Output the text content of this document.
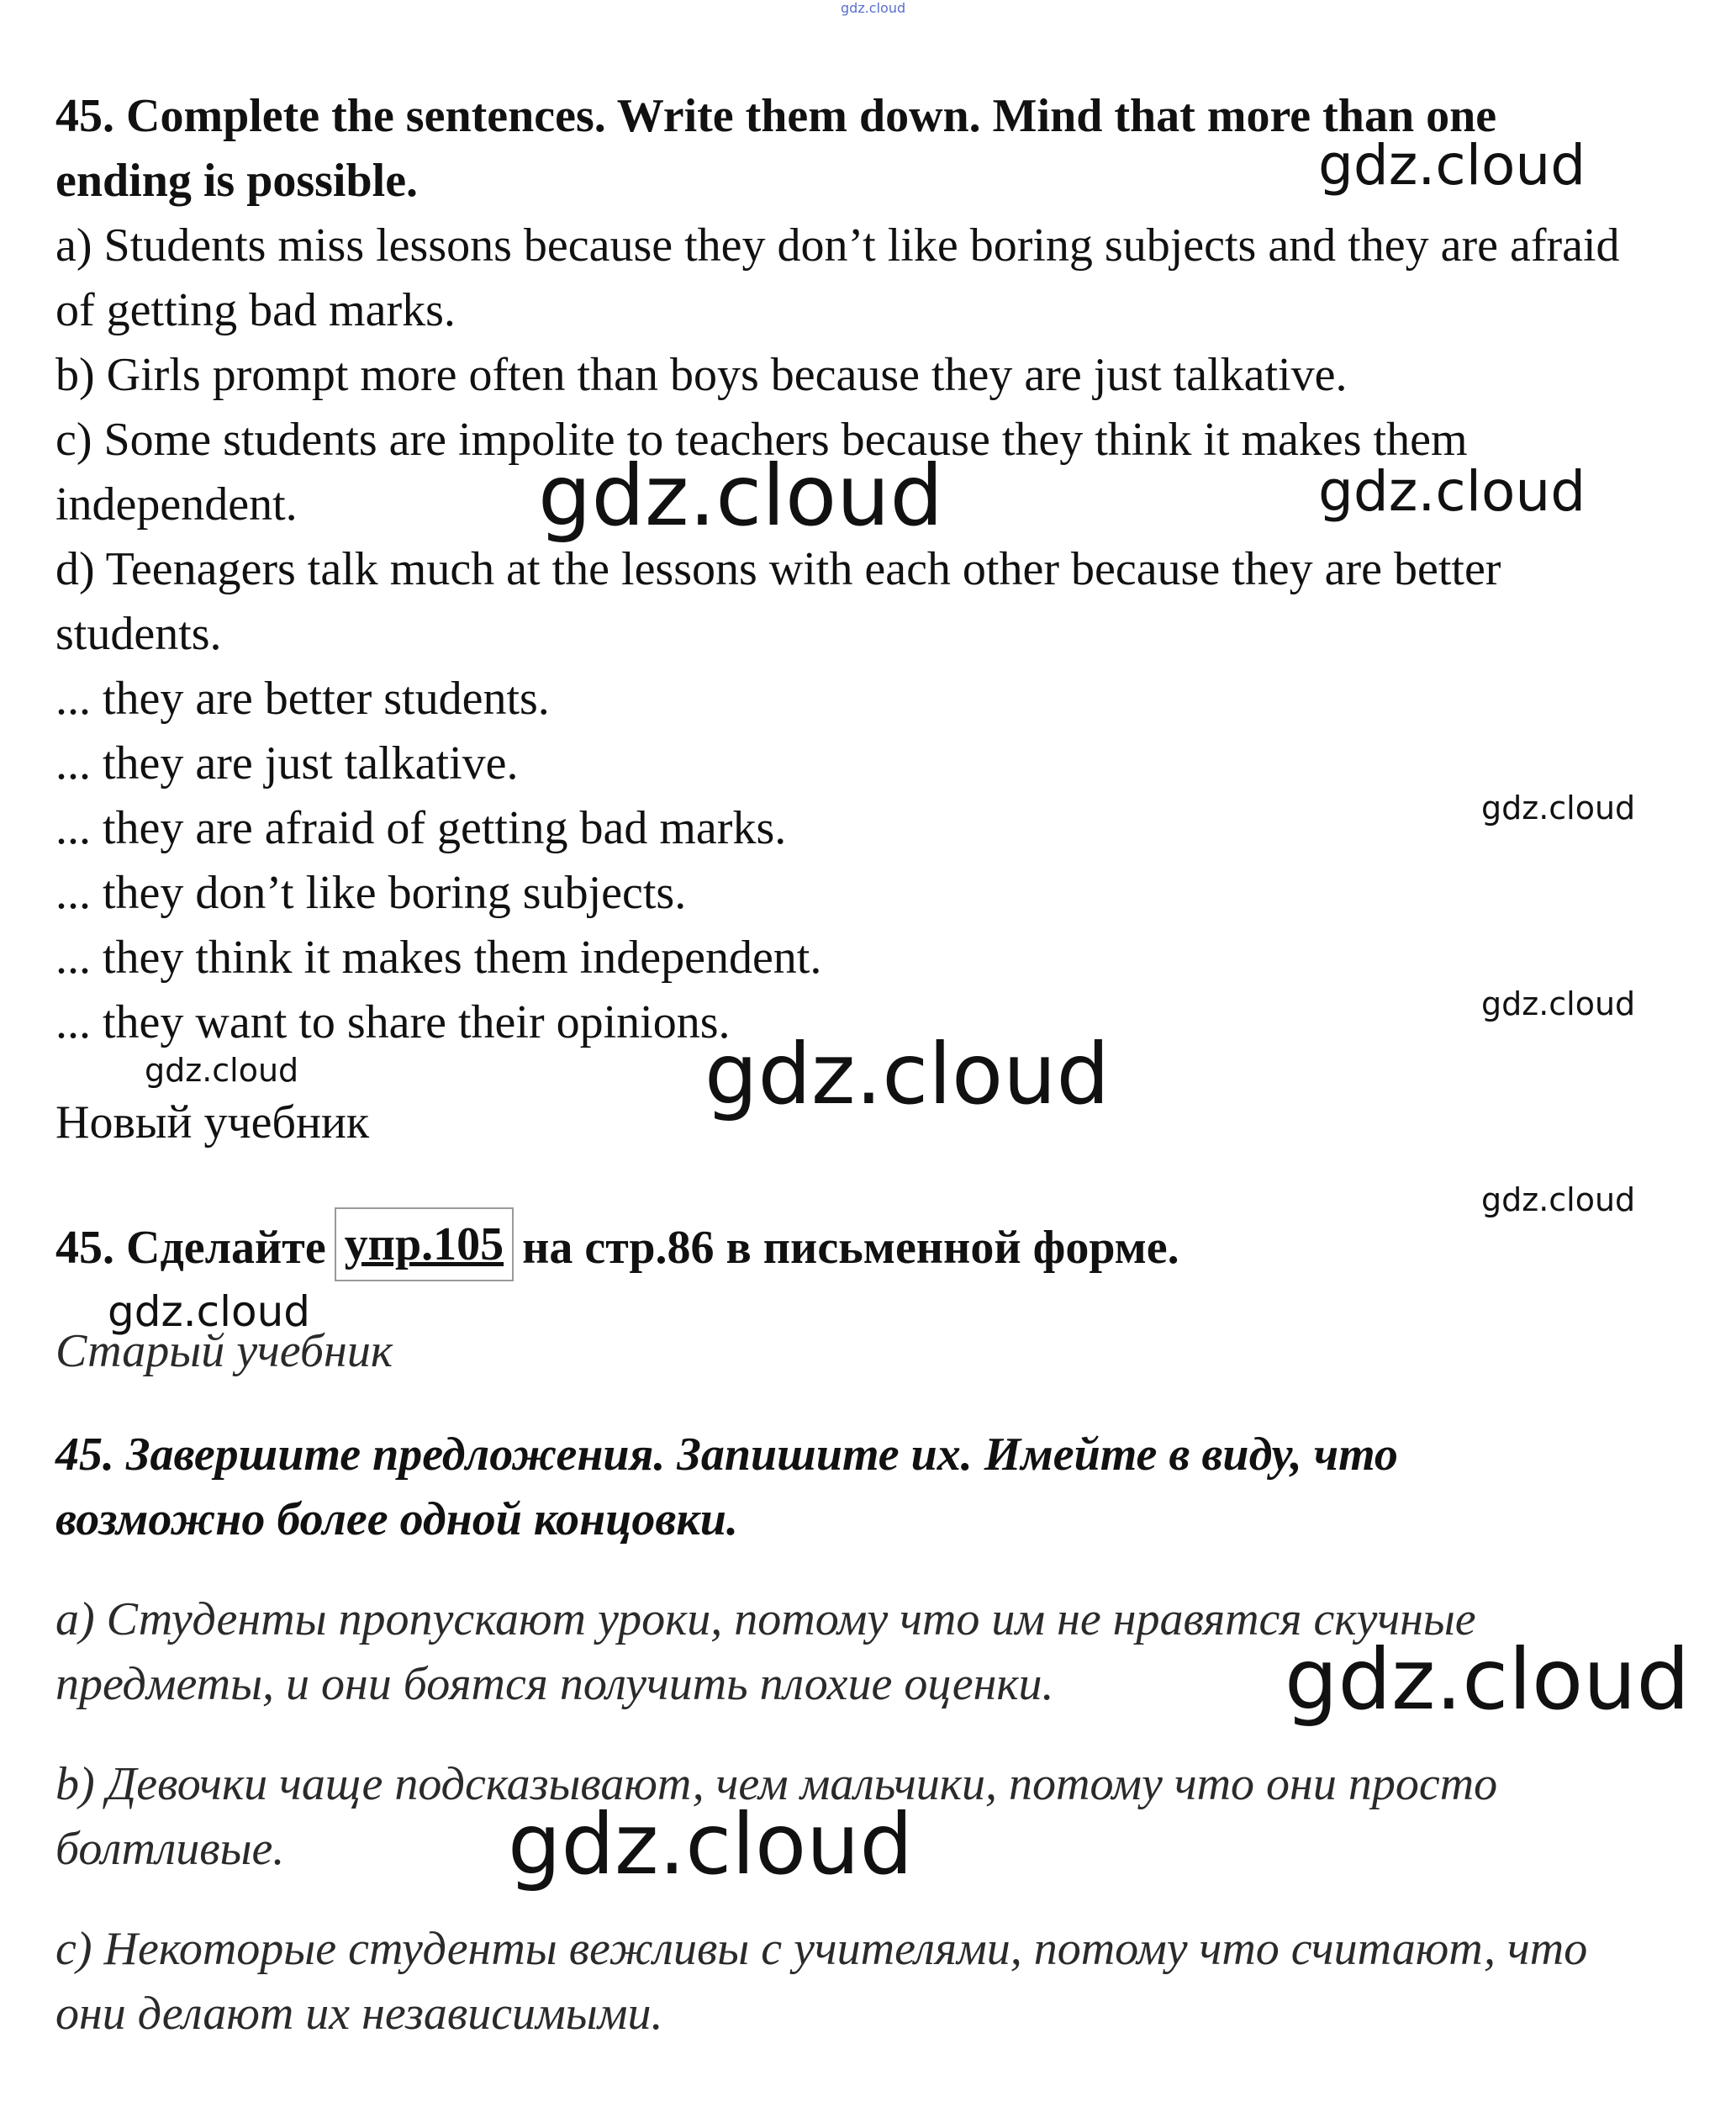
gdz.cloud
gdz.cloud
gdz.cloud	gdz.cloud
gdz.cloud
gdz.cloud
gdz.cloud	gdz.cloud
gdz.cloud
gdz.cloud
gdz.cloud
gdz.cloud
45. Complete the sentences. Write them down. Mind that more than one
ending is possible.
a) Students miss lessons because they don’t like boring subjects and they are afraid
of getting bad marks.
b) Girls prompt more often than boys because they are just talkative.
c) Some students are impolite to teachers because they think it makes them
independent.
d) Teenagers talk much at the lessons with each other because they are better
students.
... they are better students.
... they are just talkative.
... they are afraid of getting bad marks.
... they don’t like boring subjects.
... they think it makes them independent.
... they want to share their opinions.
Новый учебник
45. Сделайте упр.105 на стр.86 в письменной форме.
Старый учебник
45. Завершите предложения. Запишите их. Имейте в виду, что
возможно более одной концовки.
а) Студенты пропускают уроки, потому что им не нравятся скучные
предметы, и они боятся получить плохие оценки.
b) Девочки чаще подсказывают, чем мальчики, потому что они просто
болтливые.
с) Некоторые студенты вежливы с учителями, потому что считают, что
они делают их независимыми.
